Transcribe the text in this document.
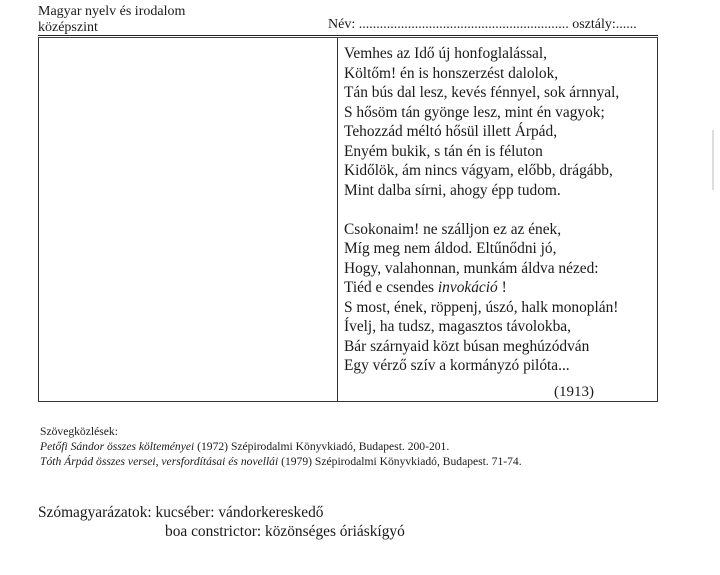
Magyar nyelv és irodalom
középszint	Név: ............................................................ osztály:......
Vemhes az Idő új honfoglalással,
Költőm! én is honszerzést dalolok,
Tán bús dal lesz, kevés fénnyel, sok árnnyal,
S hősöm tán gyönge lesz, mint én vagyok;
Tehozzád méltó hősül illett Árpád,
Enyém bukik, s tán én is féluton
Kidőlök, ám nincs vágyam, előbb, drágább,
Mint dalba sírni, ahogy épp tudom.
Csokonaim! ne szálljon ez az ének,
Míg meg nem áldod. Eltűnődni jó,
Hogy, valahonnan, munkám áldva nézed:
Tiéd e csendes invokáció !
S most, ének, röppenj, úszó, halk monoplán!
Ívelj, ha tudsz, magasztos távolokba,
Bár szárnyaid közt búsan meghúzódván
Egy vérző szív a kormányzó pilóta...
(1913)
Szövegközlések:
Petőfi Sándor összes költeményei (1972) Szépirodalmi Könyvkiadó, Budapest. 200-201.
Tóth Árpád összes versei, versfordításai és novellái (1979) Szépirodalmi Könyvkiadó, Budapest. 71-74.
Szómagyarázatok: kucséber: vándorkereskedő
boa constrictor: közönséges óriáskígyó
